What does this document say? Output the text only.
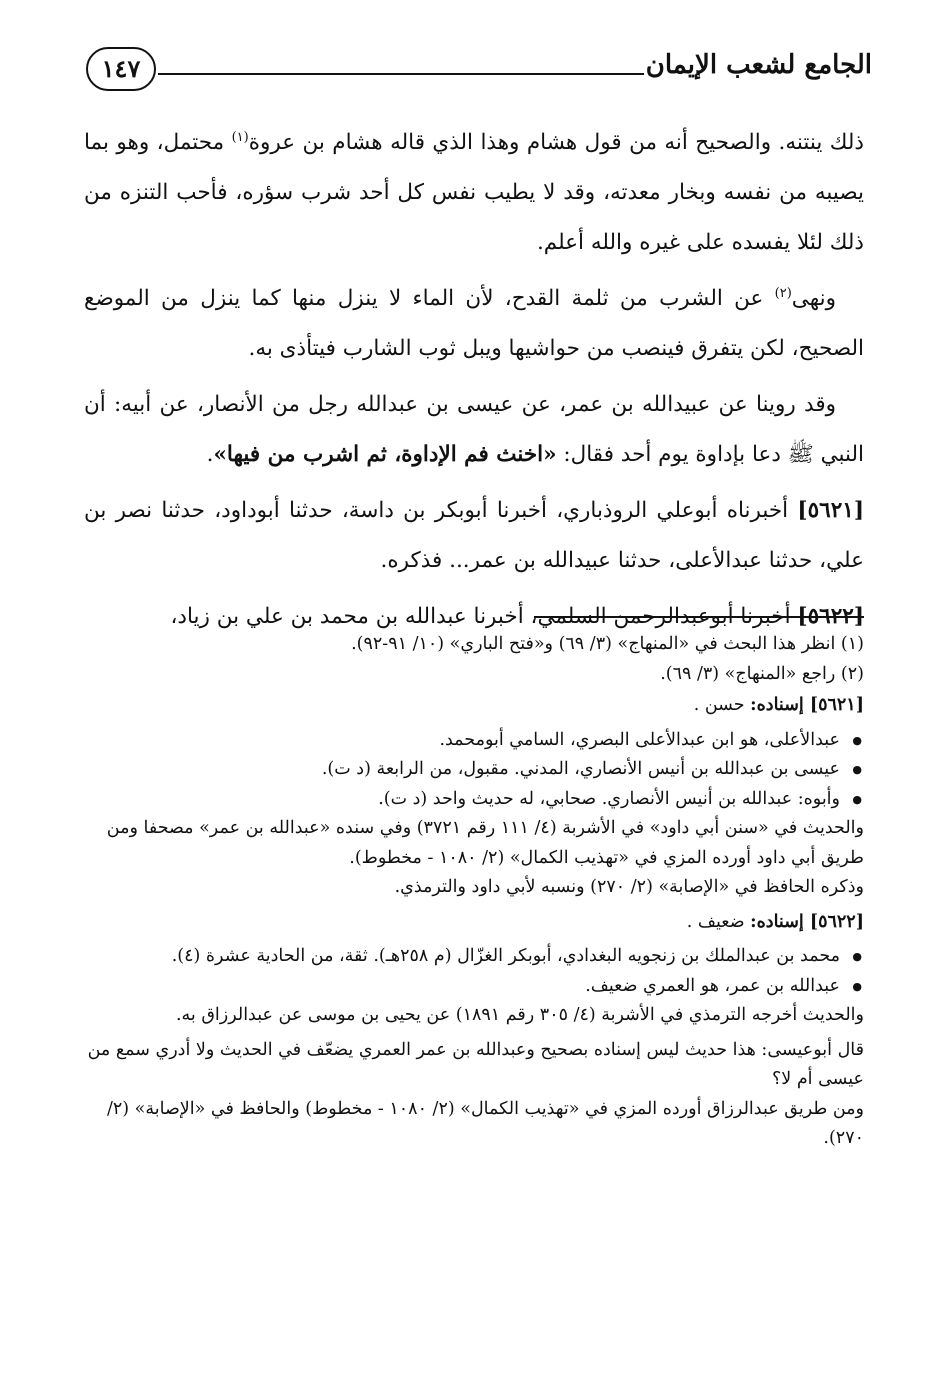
الجامع لشعب الإيمان
١٤٧

ذلك ينتنه. والصحيح أنه من قول هشام وهذا الذي قاله هشام بن عروة$^{(١)}$ محتمل، وهو بما يصيبه من نفسه وبخار معدته، وقد لا يطيب نفس كل أحد شرب سؤره، فأحب التنزه من ذلك لئلا يفسده على غيره والله أعلم.

ونهى$^{(٢)}$ عن الشرب من ثلمة القدح، لأن الماء لا ينزل منها كما ينزل من الموضع الصحيح، لكن يتفرق فينصب من حواشيها ويبل ثوب الشارب فيتأذى به.

وقد روينا عن عبيدالله بن عمر، عن عيسى بن عبدالله رجل من الأنصار، عن أبيه: أن النبي ﷺ دعا بإداوة يوم أحد فقال: «اخنث فم الإداوة، ثم اشرب من فيها».

[٥٦٢١] أخبرناه أبوعلي الروذباري، أخبرنا أبوبكر بن داسة، حدثنا أبوداود، حدثنا نصر بن علي، حدثنا عبدالأعلى، حدثنا عبيدالله بن عمر... فذكره.

[٥٦٢٢] أخبرنا أبوعبدالرحمن السلمي، أخبرنا عبدالله بن محمد بن علي بن زياد،

(١) انظر هذا البحث في «المنهاج» (٣/ ٦٩) و«فتح الباري» (١٠/ ٩١-٩٢).

(٢) راجع «المنهاج» (٣/ ٦٩).

[٥٦٢١] إسناده: حسن .

● عبدالأعلى، هو ابن عبدالأعلى البصري، السامي أبومحمد.

● عيسى بن عبدالله بن أنيس الأنصاري، المدني. مقبول، من الرابعة (د ت).

● وأبوه: عبدالله بن أنيس الأنصاري. صحابي، له حديث واحد (د ت).

والحديث في «سنن أبي داود» في الأشربة (٤/ ١١١ رقم ٣٧٢١) وفي سنده «عبدالله بن عمر» مصحفا ومن طريق أبي داود أورده المزي في «تهذيب الكمال» (٢/ ١٠٨٠ - مخطوط).

وذكره الحافظ في «الإصابة» (٢/ ٢٧٠) ونسبه لأبي داود والترمذي.

[٥٦٢٢] إسناده: ضعيف .

● محمد بن عبدالملك بن زنجويه البغدادي، أبوبكر الغزّال (م ٢٥٨هـ). ثقة، من الحادية عشرة (٤).

● عبدالله بن عمر، هو العمري ضعيف.

والحديث أخرجه الترمذي في الأشربة (٤/ ٣٠٥ رقم ١٨٩١) عن يحيى بن موسى عن عبدالرزاق به.

قال أبوعيسى: هذا حديث ليس إسناده بصحيح وعبدالله بن عمر العمري يضعّف في الحديث ولا أدري سمع من عيسى أم لا؟

ومن طريق عبدالرزاق أورده المزي في «تهذيب الكمال» (٢/ ١٠٨٠ - مخطوط) والحافظ في «الإصابة» (٢/ ٢٧٠).
